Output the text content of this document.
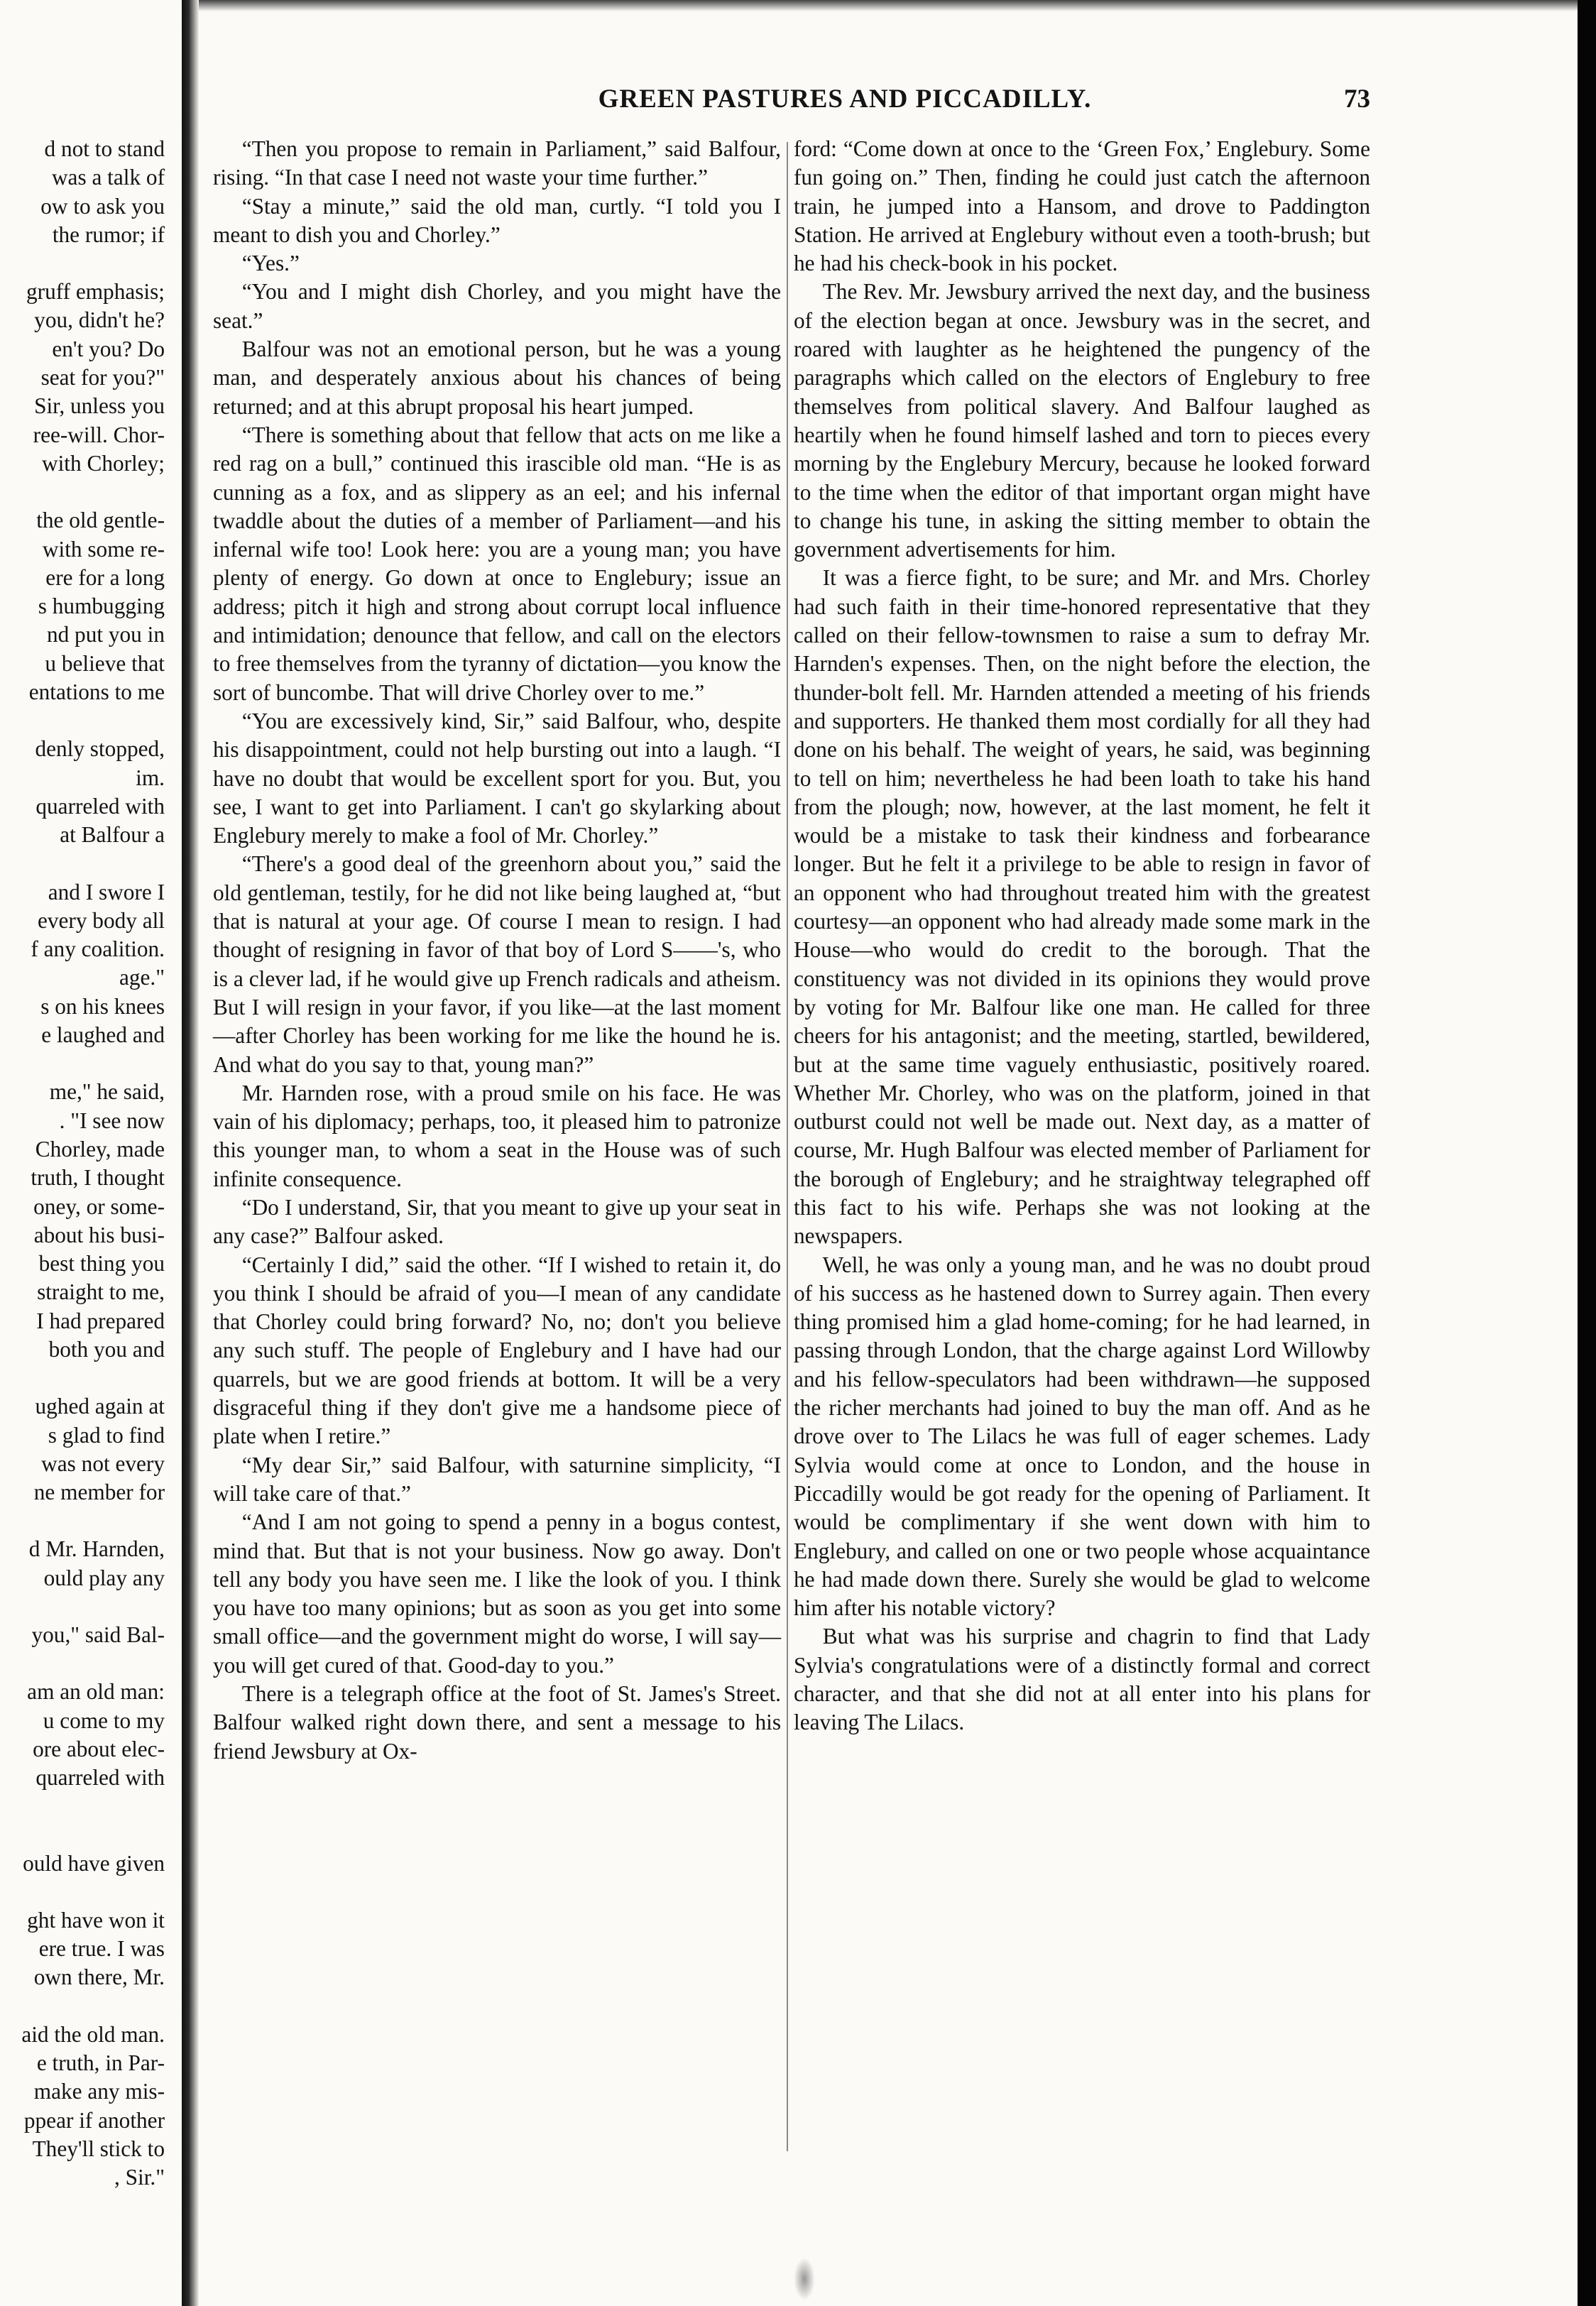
GREEN PASTURES AND PICCADILLY.	73
d not to stand
was a talk of
ow to ask you
the rumor; if

gruff emphasis;
you, didn't he?
en't you? Do
seat for you?"
Sir, unless you
ree-will. Chor-
with Chorley;

the old gentle-
with some re-
ere for a long
s humbugging
nd put you in
u believe that
entations to me

denly stopped,
im.
quarreled with
at Balfour a

and I swore I
every body all
f any coalition.
age."
s on his knees
e laughed and

me," he said,
. "I see now
Chorley, made
truth, I thought
oney, or some-
about his busi-
best thing you
straight to me,
I had prepared
both you and

ughed again at
s glad to find
was not every
ne member for

d Mr. Harnden,
ould play any

you," said Bal-

am an old man:
u come to my
ore about elec-
quarreled with

ould have given

ght have won it
ere true. I was
own there, Mr.

aid the old man.
e truth, in Par-
make any mis-
ppear if another
They'll stick to
, Sir."

“Then you propose to remain in Parliament,” said Balfour, rising. “In that case I need not waste your time further.”

“Stay a minute,” said the old man, curtly. “I told you I meant to dish you and Chorley.”

“Yes.”

“You and I might dish Chorley, and you might have the seat.”

Balfour was not an emotional person, but he was a young man, and desperately anxious about his chances of being returned; and at this abrupt proposal his heart jumped.

“There is something about that fellow that acts on me like a red rag on a bull,” continued this irascible old man. “He is as cunning as a fox, and as slippery as an eel; and his infernal twaddle about the duties of a member of Parliament—and his infernal wife too! Look here: you are a young man; you have plenty of energy. Go down at once to Englebury; issue an address; pitch it high and strong about corrupt local influence and intimidation; denounce that fellow, and call on the electors to free themselves from the tyranny of dictation—you know the sort of buncombe. That will drive Chorley over to me.”

“You are excessively kind, Sir,” said Balfour, who, despite his disappointment, could not help bursting out into a laugh. “I have no doubt that would be excellent sport for you. But, you see, I want to get into Parliament. I can't go skylarking about Englebury merely to make a fool of Mr. Chorley.”

“There's a good deal of the greenhorn about you,” said the old gentleman, testily, for he did not like being laughed at, “but that is natural at your age. Of course I mean to resign. I had thought of resigning in favor of that boy of Lord S——'s, who is a clever lad, if he would give up French radicals and atheism. But I will resign in your favor, if you like—at the last moment—after Chorley has been working for me like the hound he is. And what do you say to that, young man?”

Mr. Harnden rose, with a proud smile on his face. He was vain of his diplomacy; perhaps, too, it pleased him to patronize this younger man, to whom a seat in the House was of such infinite consequence.

“Do I understand, Sir, that you meant to give up your seat in any case?” Balfour asked.

“Certainly I did,” said the other. “If I wished to retain it, do you think I should be afraid of you—I mean of any candidate that Chorley could bring forward? No, no; don't you believe any such stuff. The people of Englebury and I have had our quarrels, but we are good friends at bottom. It will be a very disgraceful thing if they don't give me a handsome piece of plate when I retire.”

“My dear Sir,” said Balfour, with saturnine simplicity, “I will take care of that.”

“And I am not going to spend a penny in a bogus contest, mind that. But that is not your business. Now go away. Don't tell any body you have seen me. I like the look of you. I think you have too many opinions; but as soon as you get into some small office—and the government might do worse, I will say—you will get cured of that. Good-day to you.”

There is a telegraph office at the foot of St. James's Street. Balfour walked right down there, and sent a message to his friend Jewsbury at Ox-

ford: “Come down at once to the ‘Green Fox,’ Englebury. Some fun going on.” Then, finding he could just catch the afternoon train, he jumped into a Hansom, and drove to Paddington Station. He arrived at Englebury without even a tooth-brush; but he had his check-book in his pocket.

The Rev. Mr. Jewsbury arrived the next day, and the business of the election began at once. Jewsbury was in the secret, and roared with laughter as he heightened the pungency of the paragraphs which called on the electors of Englebury to free themselves from political slavery. And Balfour laughed as heartily when he found himself lashed and torn to pieces every morning by the Englebury Mercury, because he looked forward to the time when the editor of that important organ might have to change his tune, in asking the sitting member to obtain the government advertisements for him.

It was a fierce fight, to be sure; and Mr. and Mrs. Chorley had such faith in their time-honored representative that they called on their fellow-townsmen to raise a sum to defray Mr. Harnden's expenses. Then, on the night before the election, the thunder-bolt fell. Mr. Harnden attended a meeting of his friends and supporters. He thanked them most cordially for all they had done on his behalf. The weight of years, he said, was beginning to tell on him; nevertheless he had been loath to take his hand from the plough; now, however, at the last moment, he felt it would be a mistake to task their kindness and forbearance longer. But he felt it a privilege to be able to resign in favor of an opponent who had throughout treated him with the greatest courtesy—an opponent who had already made some mark in the House—who would do credit to the borough. That the constituency was not divided in its opinions they would prove by voting for Mr. Balfour like one man. He called for three cheers for his antagonist; and the meeting, startled, bewildered, but at the same time vaguely enthusiastic, positively roared. Whether Mr. Chorley, who was on the platform, joined in that outburst could not well be made out. Next day, as a matter of course, Mr. Hugh Balfour was elected member of Parliament for the borough of Englebury; and he straightway telegraphed off this fact to his wife. Perhaps she was not looking at the newspapers.

Well, he was only a young man, and he was no doubt proud of his success as he hastened down to Surrey again. Then every thing promised him a glad home-coming; for he had learned, in passing through London, that the charge against Lord Willowby and his fellow-speculators had been withdrawn—he supposed the richer merchants had joined to buy the man off. And as he drove over to The Lilacs he was full of eager schemes. Lady Sylvia would come at once to London, and the house in Piccadilly would be got ready for the opening of Parliament. It would be complimentary if she went down with him to Englebury, and called on one or two people whose acquaintance he had made down there. Surely she would be glad to welcome him after his notable victory?

But what was his surprise and chagrin to find that Lady Sylvia's congratulations were of a distinctly formal and correct character, and that she did not at all enter into his plans for leaving The Lilacs.
